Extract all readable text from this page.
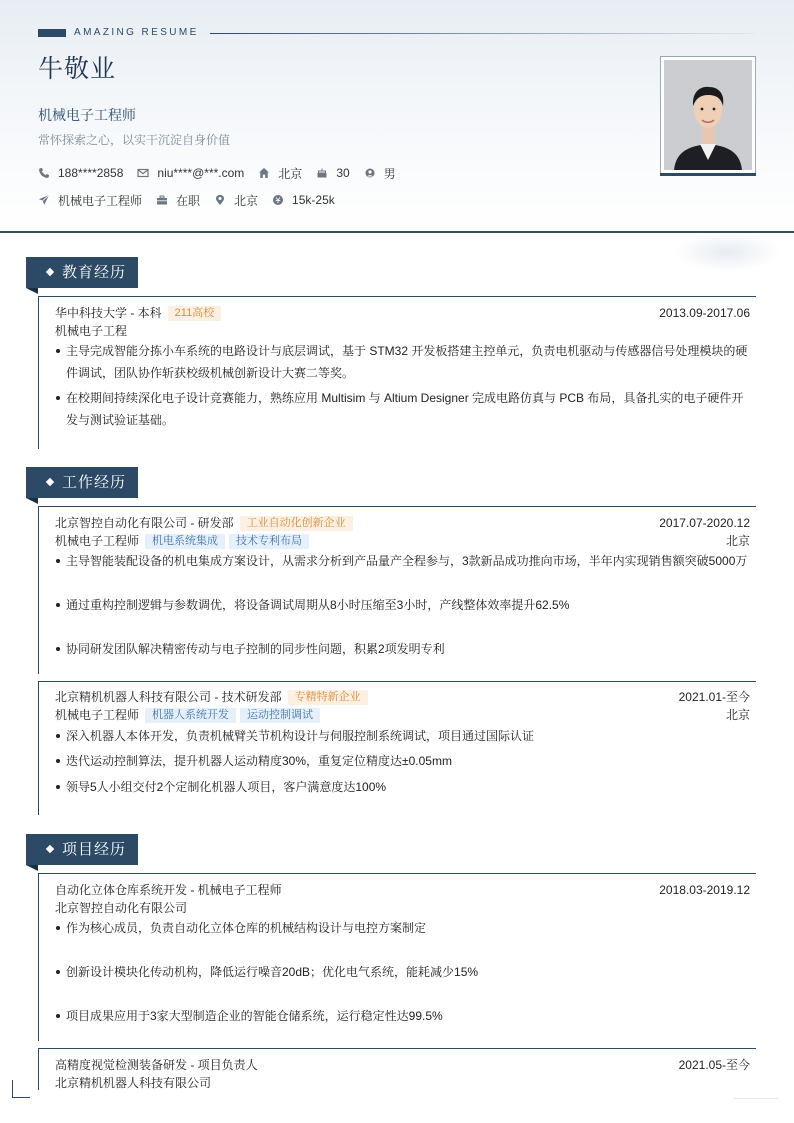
AMAZING RESUME
牛敬业
机械电子工程师
常怀探索之心，以实干沉淀自身价值
188****2858	niu****@***.com	北京	30	男
机械电子工程师	在职	北京	15k-25k
教育经历
华中科技大学 - 本科	211高校	2013.09-2017.06
机械电子工程
主导完成智能分拣小车系统的电路设计与底层调试，基于 STM32 开发板搭建主控单元，负责电机驱动与传感器信号处理模块的硬件调试，团队协作斩获校级机械创新设计大赛二等奖。
在校期间持续深化电子设计竞赛能力，熟练应用 Multisim 与 Altium Designer 完成电路仿真与 PCB 布局，具备扎实的电子硬件开发与测试验证基础。
工作经历
北京智控自动化有限公司 - 研发部	工业自动化创新企业	2017.07-2020.12
机械电子工程师	机电系统集成	技术专利布局	北京
主导智能装配设备的机电集成方案设计，从需求分析到产品量产全程参与，3款新品成功推向市场，半年内实现销售额突破5000万
通过重构控制逻辑与参数调优，将设备调试周期从8小时压缩至3小时，产线整体效率提升62.5%
协同研发团队解决精密传动与电子控制的同步性问题，积累2项发明专利
北京精机机器人科技有限公司 - 技术研发部	专精特新企业	2021.01-至今
机械电子工程师	机器人系统开发	运动控制调试	北京
深入机器人本体开发，负责机械臂关节机构设计与伺服控制系统调试，项目通过国际认证
迭代运动控制算法，提升机器人运动精度30%，重复定位精度达±0.05mm
领导5人小组交付2个定制化机器人项目，客户满意度达100%
项目经历
自动化立体仓库系统开发 - 机械电子工程师	2018.03-2019.12
北京智控自动化有限公司
作为核心成员，负责自动化立体仓库的机械结构设计与电控方案制定
创新设计模块化传动机构，降低运行噪音20dB；优化电气系统，能耗减少15%
项目成果应用于3家大型制造企业的智能仓储系统，运行稳定性达99.5%
高精度视觉检测装备研发 - 项目负责人	2021.05-至今
北京精机机器人科技有限公司
